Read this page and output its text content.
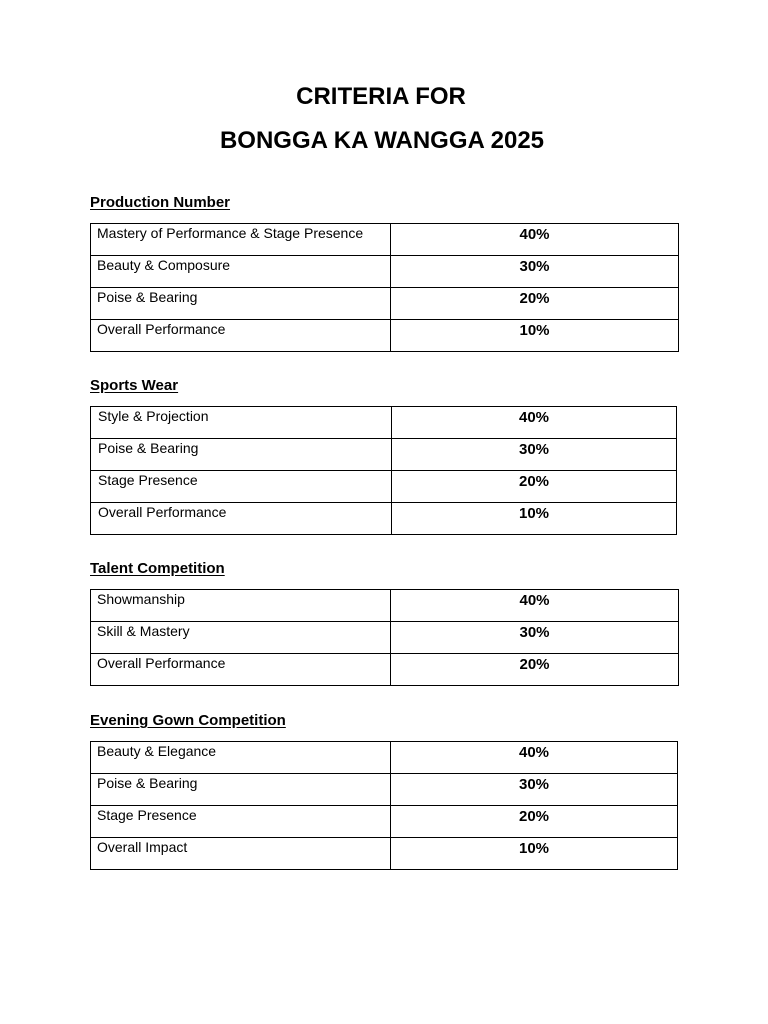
CRITERIA FOR
BONGGA KA WANGGA 2025
Production Number
Mastery of Performance & Stage Presence	40%
Beauty & Composure	30%
Poise & Bearing	20%
Overall Performance	10%
Sports Wear
Style & Projection	40%
Poise & Bearing	30%
Stage Presence	20%
Overall Performance	10%
Talent Competition
Showmanship	40%
Skill & Mastery	30%
Overall Performance	20%
Evening Gown Competition
Beauty & Elegance	40%
Poise & Bearing	30%
Stage Presence	20%
Overall Impact	10%
